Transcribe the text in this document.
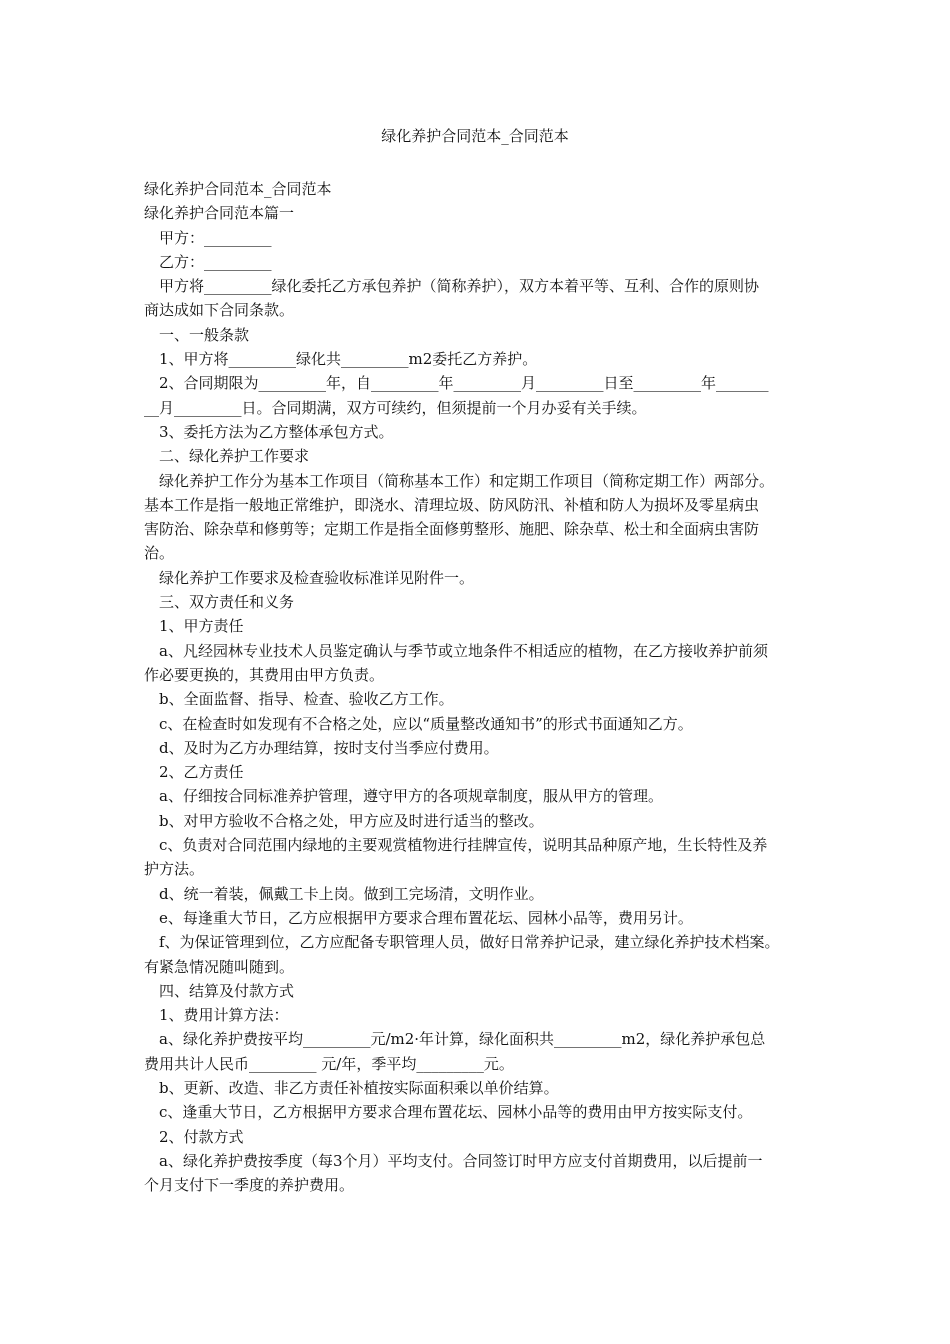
绿化养护合同范本_合同范本

绿化养护合同范本_合同范本

绿化养护合同范本篇一

甲方：_________

乙方：_________

甲方将_________绿化委托乙方承包养护（简称养护），双方本着平等、互利、合作的原则协

商达成如下合同条款。

一、一般条款

1、甲方将_________绿化共_________m2委托乙方养护。

2、合同期限为_________年，自_________年_________月_________日至_________年_______

__月_________日。合同期满，双方可续约，但须提前一个月办妥有关手续。

3、委托方法为乙方整体承包方式。

二、绿化养护工作要求

绿化养护工作分为基本工作项目（简称基本工作）和定期工作项目（简称定期工作）两部分。

基本工作是指一般地正常维护，即浇水、清理垃圾、防风防汛、补植和防人为损坏及零星病虫

害防治、除杂草和修剪等；定期工作是指全面修剪整形、施肥、除杂草、松土和全面病虫害防

治。

绿化养护工作要求及检查验收标准详见附件一。

三、双方责任和义务

1、甲方责任

a、凡经园林专业技术人员鉴定确认与季节或立地条件不相适应的植物，在乙方接收养护前须

作必要更换的，其费用由甲方负责。

b、全面监督、指导、检查、验收乙方工作。

c、在检查时如发现有不合格之处，应以“质量整改通知书”的形式书面通知乙方。

d、及时为乙方办理结算，按时支付当季应付费用。

2、乙方责任

a、仔细按合同标准养护管理，遵守甲方的各项规章制度，服从甲方的管理。

b、对甲方验收不合格之处，甲方应及时进行适当的整改。

c、负责对合同范围内绿地的主要观赏植物进行挂牌宣传，说明其品种原产地，生长特性及养

护方法。

d、统一着装，佩戴工卡上岗。做到工完场清，文明作业。

e、每逢重大节日，乙方应根据甲方要求合理布置花坛、园林小品等，费用另计。

f、为保证管理到位，乙方应配备专职管理人员，做好日常养护记录，建立绿化养护技术档案。

有紧急情况随叫随到。

四、结算及付款方式

1、费用计算方法：

a、绿化养护费按平均_________元/m2·年计算，绿化面积共_________m2，绿化养护承包总

费用共计人民币_________ 元/年，季平均_________元。

b、更新、改造、非乙方责任补植按实际面积乘以单价结算。

c、逢重大节日，乙方根据甲方要求合理布置花坛、园林小品等的费用由甲方按实际支付。

2、付款方式

a、绿化养护费按季度（每3个月）平均支付。合同签订时甲方应支付首期费用，以后提前一

个月支付下一季度的养护费用。
